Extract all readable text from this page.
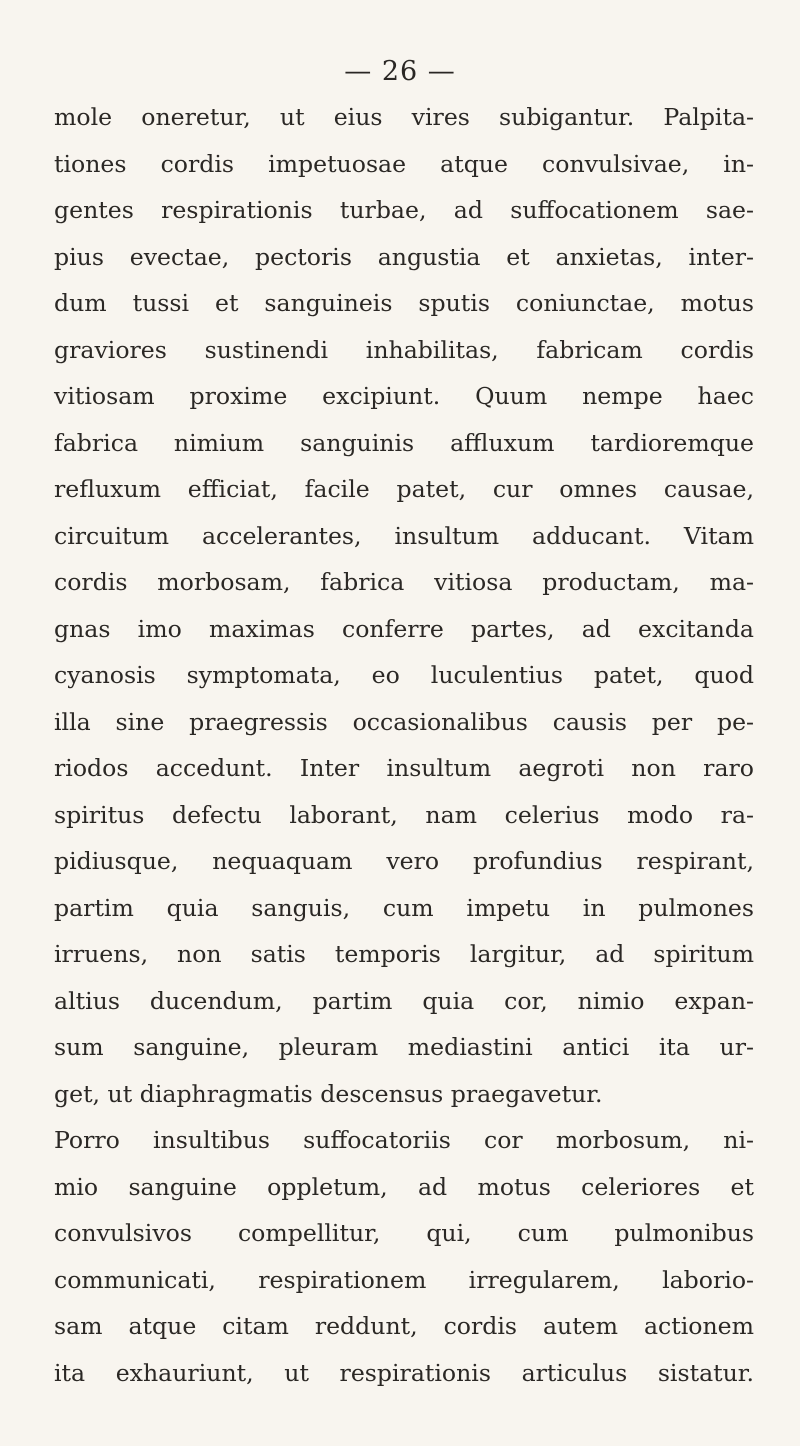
— 26 —
mole oneretur, ut eius vires subigantur. Palpita-
tiones cordis impetuosae atque convulsivae, in-
gentes respirationis turbae, ad suffocationem sae-
pius evectae, pectoris angustia et anxietas, inter-
dum tussi et sanguineis sputis coniunctae, motus
graviores sustinendi inhabilitas, fabricam cordis
vitiosam proxime excipiunt. Quum nempe haec
fabrica nimium sanguinis affluxum tardioremque
refluxum efficiat, facile patet, cur omnes causae,
circuitum accelerantes, insultum adducant. Vitam
cordis morbosam, fabrica vitiosa productam, ma-
gnas imo maximas conferre partes, ad excitanda
cyanosis symptomata, eo luculentius patet, quod
illa sine praegressis occasionalibus causis per pe-
riodos accedunt. Inter insultum aegroti non raro
spiritus defectu laborant, nam celerius modo ra-
pidiusque, nequaquam vero profundius respirant,
partim quia sanguis, cum impetu in pulmones
irruens, non satis temporis largitur, ad spiritum
altius ducendum, partim quia cor, nimio expan-
sum sanguine, pleuram mediastini antici ita ur-
get, ut diaphragmatis descensus praegavetur.
Porro insultibus suffocatoriis cor morbosum, ni-
mio sanguine oppletum, ad motus celeriores et
convulsivos compellitur, qui, cum pulmonibus
communicati, respirationem irregularem, laborio-
sam atque citam reddunt, cordis autem actionem
ita exhauriunt, ut respirationis articulus sistatur.
